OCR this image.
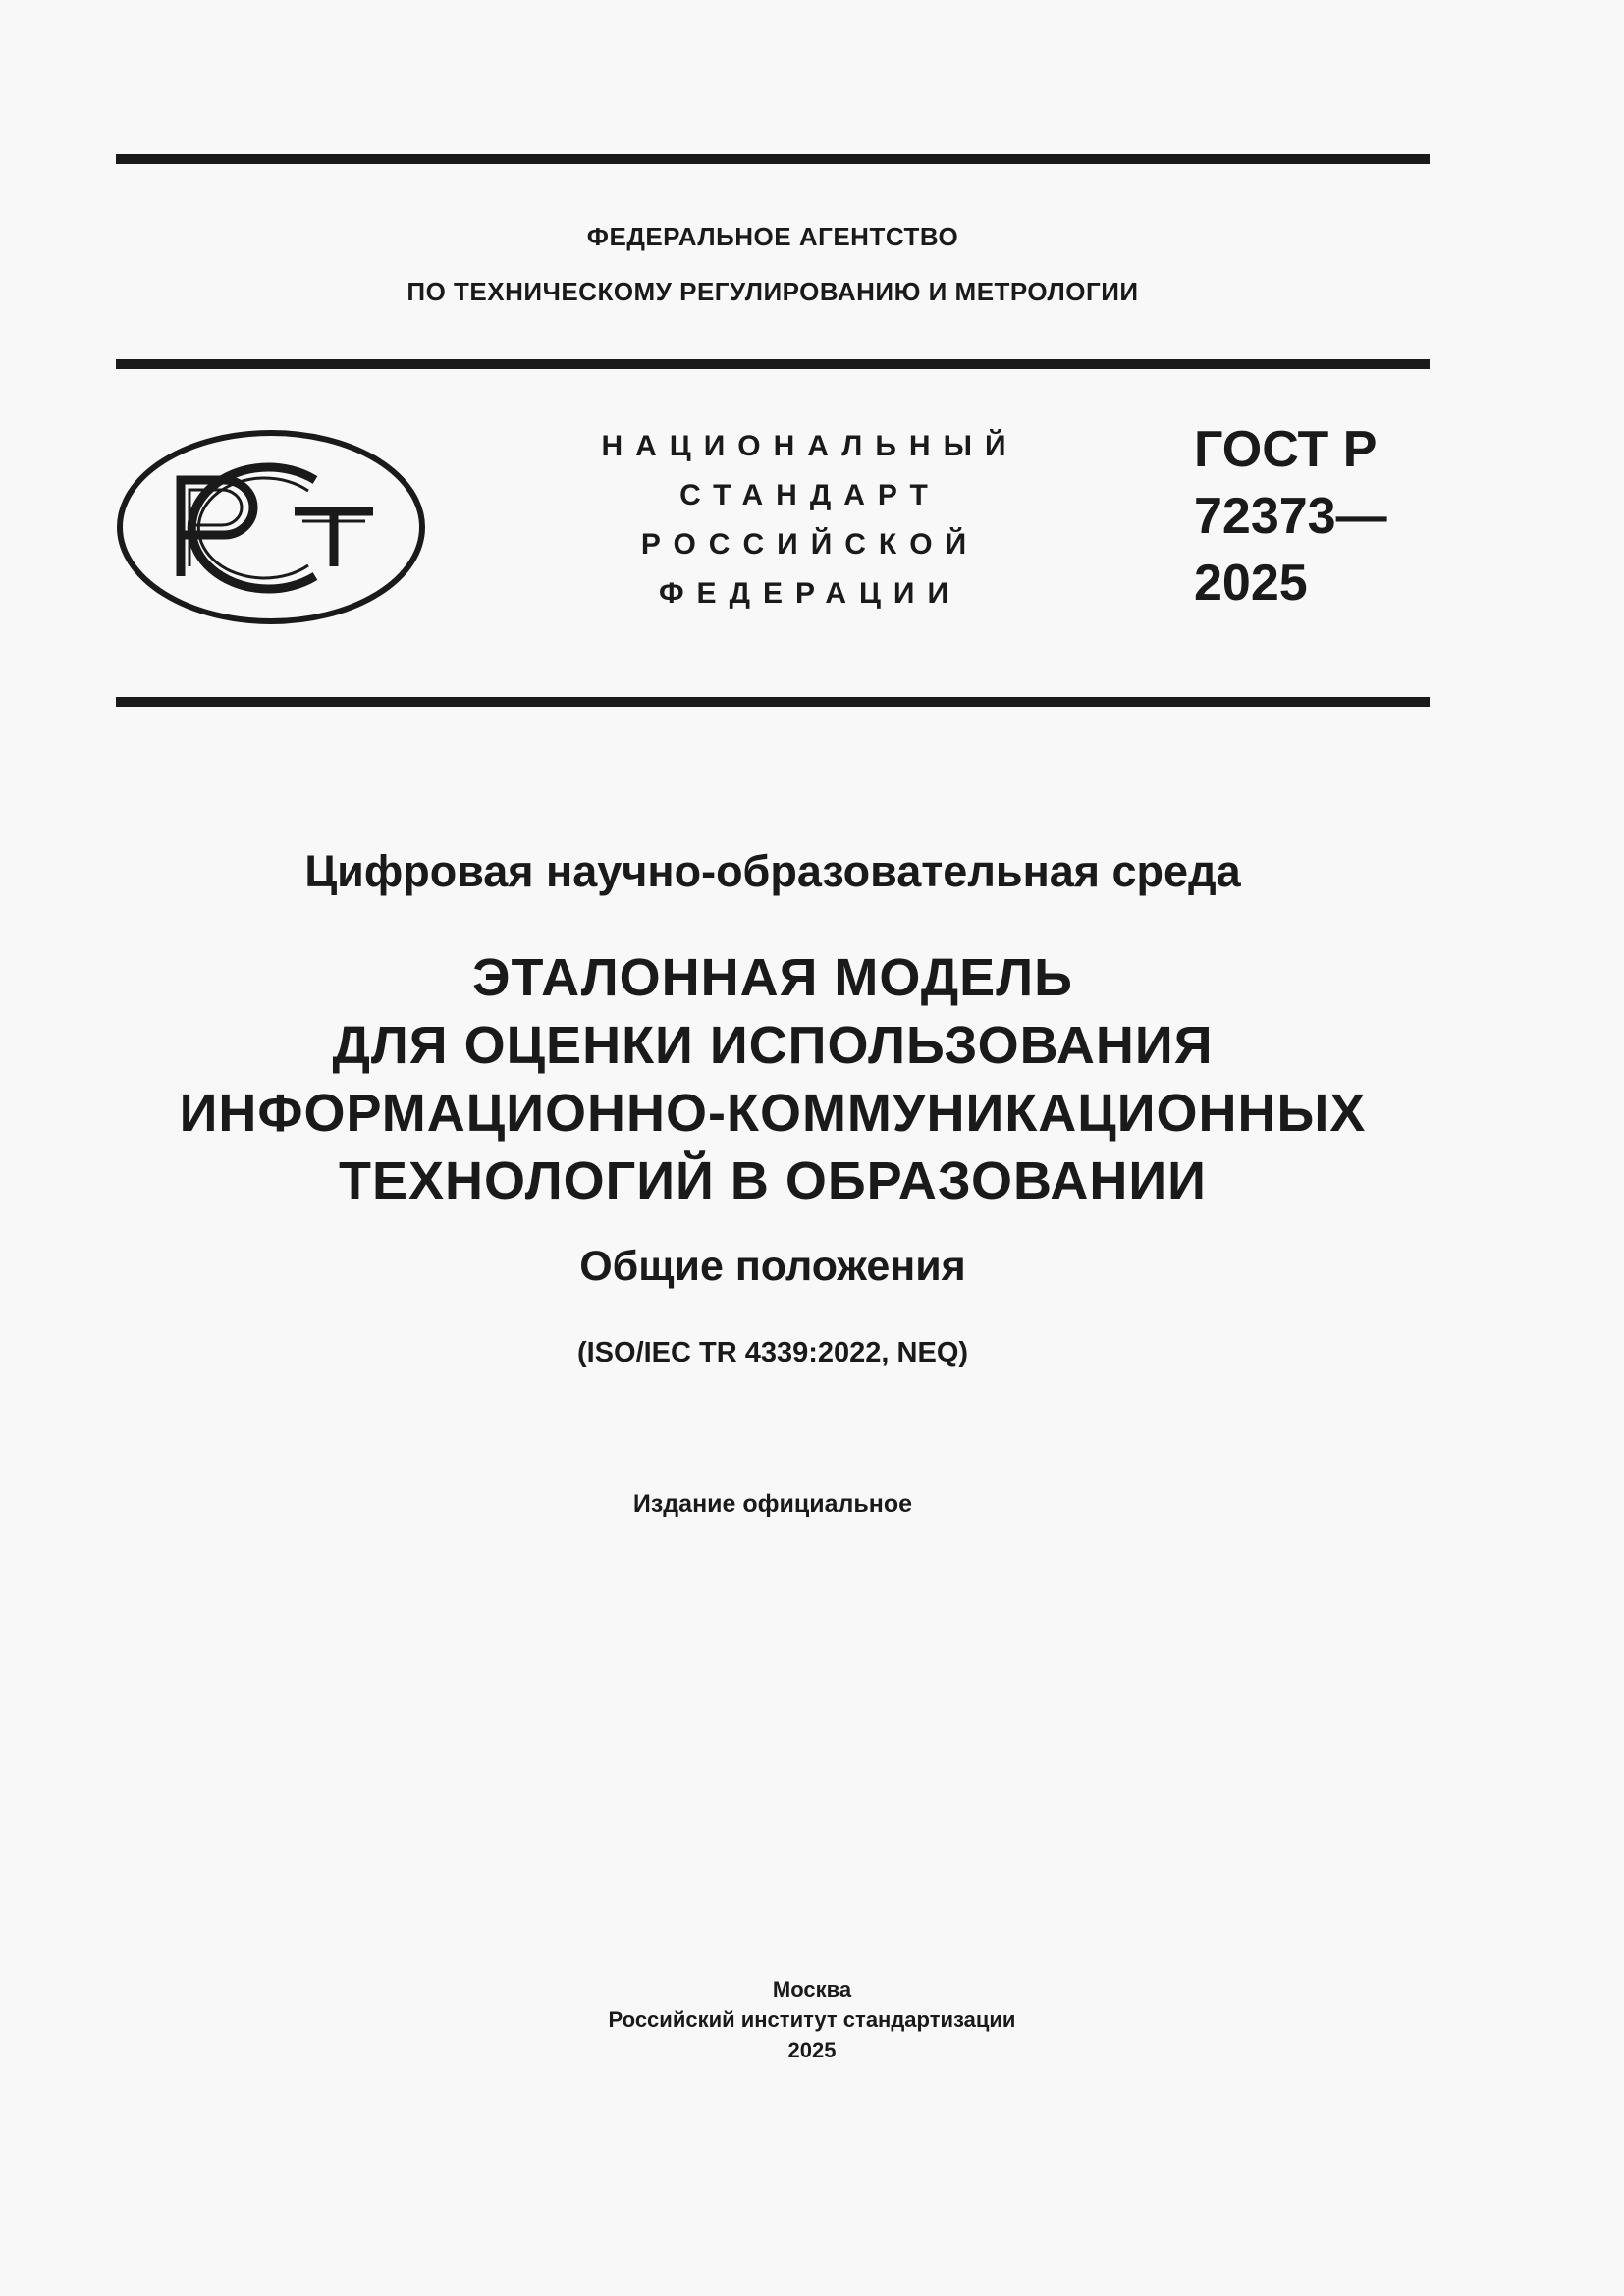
ФЕДЕРАЛЬНОЕ АГЕНТСТВО
ПО ТЕХНИЧЕСКОМУ РЕГУЛИРОВАНИЮ И МЕТРОЛОГИИ
НАЦИОНАЛЬНЫЙ
СТАНДАРТ
РОССИЙСКОЙ
ФЕДЕРАЦИИ
ГОСТ Р
72373—
2025
Цифровая научно-образовательная среда
ЭТАЛОННАЯ МОДЕЛЬ
ДЛЯ ОЦЕНКИ ИСПОЛЬЗОВАНИЯ
ИНФОРМАЦИОННО-КОММУНИКАЦИОННЫХ
ТЕХНОЛОГИЙ В ОБРАЗОВАНИИ
Общие положения
(ISO/IEC TR 4339:2022, NEQ)
Издание официальное
Москва
Российский институт стандартизации
2025
